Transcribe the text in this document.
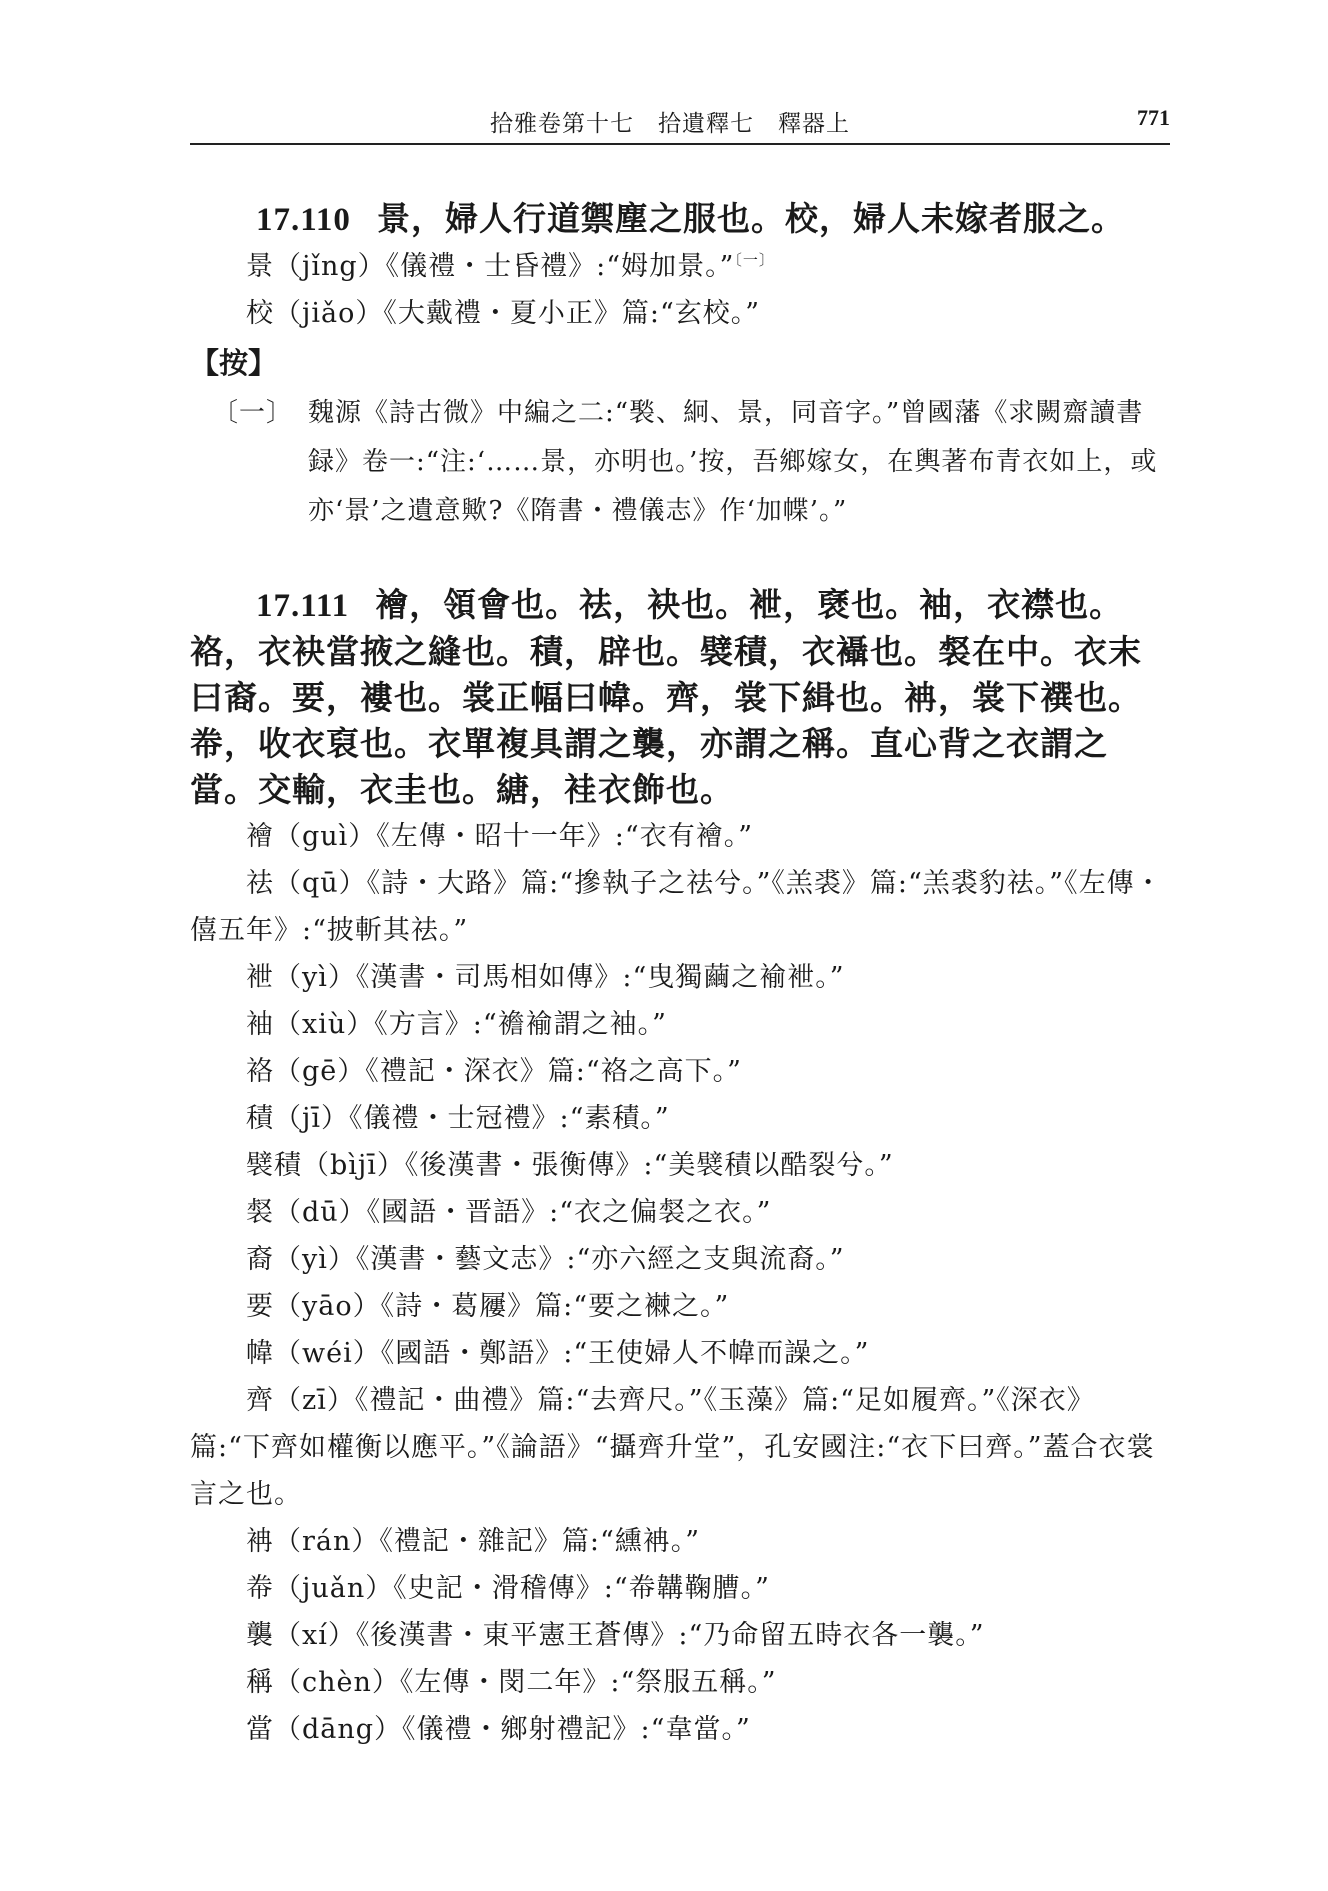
拾雅卷第十七　拾遺釋七　釋器上	771

17.110 景，婦人行道禦塵之服也。校，婦人未嫁者服之。

景（jǐng）《儀禮・士昏禮》:“姆加景。”$^{〔一〕}$

校（jiǎo）《大戴禮・夏小正》篇:“玄校。”

【按】

〔一〕 魏源《詩古微》中編之二:“褧、絅、景，同音字。”曾國藩《求闕齋讀書録》卷一:“注:‘……景，亦明也。’按，吾鄉嫁女，在輿著布青衣如上，或亦‘景’之遺意歟?《隋書・禮儀志》作‘加幉’。”

17.111 襘，領會也。祛，袂也。袣，褎也。袖，衣襟也。袼，衣袂當掖之縫也。積，辟也。襞積，衣襵也。裻在中。衣末曰裔。要，褸也。裳正幅曰幃。齊，裳下緝也。袡，裳下襈也。帣，收衣裒也。衣單複具謂之襲，亦謂之稱。直心背之衣謂之當。交輸，衣圭也。䌅，袿衣飾也。

襘（guì）《左傳・昭十一年》:“衣有襘。”

祛（qū）《詩・大路》篇:“摻執子之祛兮。”《羔裘》篇:“羔裘豹祛。”《左傳・僖五年》:“披斬其祛。”

袣（yì）《漢書・司馬相如傳》:“曳獨繭之褕袣。”

袖（xiù）《方言》:“襜褕謂之袖。”

袼（gē）《禮記・深衣》篇:“袼之高下。”

積（jī）《儀禮・士冠禮》:“素積。”

襞積（bìjī）《後漢書・張衡傳》:“美襞積以酷裂兮。”

裻（dū）《國語・晋語》:“衣之偏裻之衣。”

裔（yì）《漢書・藝文志》:“亦六經之支與流裔。”

要（yāo）《詩・葛屨》篇:“要之襋之。”

幃（wéi）《國語・鄭語》:“王使婦人不幃而譟之。”

齊（zī）《禮記・曲禮》篇:“去齊尺。”《玉藻》篇:“足如履齊。”《深衣》篇:“下齊如權衡以應平。”《論語》“攝齊升堂”，孔安國注:“衣下曰齊。”蓋合衣裳言之也。

袡（rán）《禮記・雜記》篇:“纁袡。”

帣（juǎn）《史記・滑稽傳》:“帣韝鞠䐬。”

襲（xí）《後漢書・東平憲王蒼傳》:“乃命留五時衣各一襲。”

稱（chèn）《左傳・閔二年》:“祭服五稱。”

當（dāng）《儀禮・鄉射禮記》:“韋當。”
